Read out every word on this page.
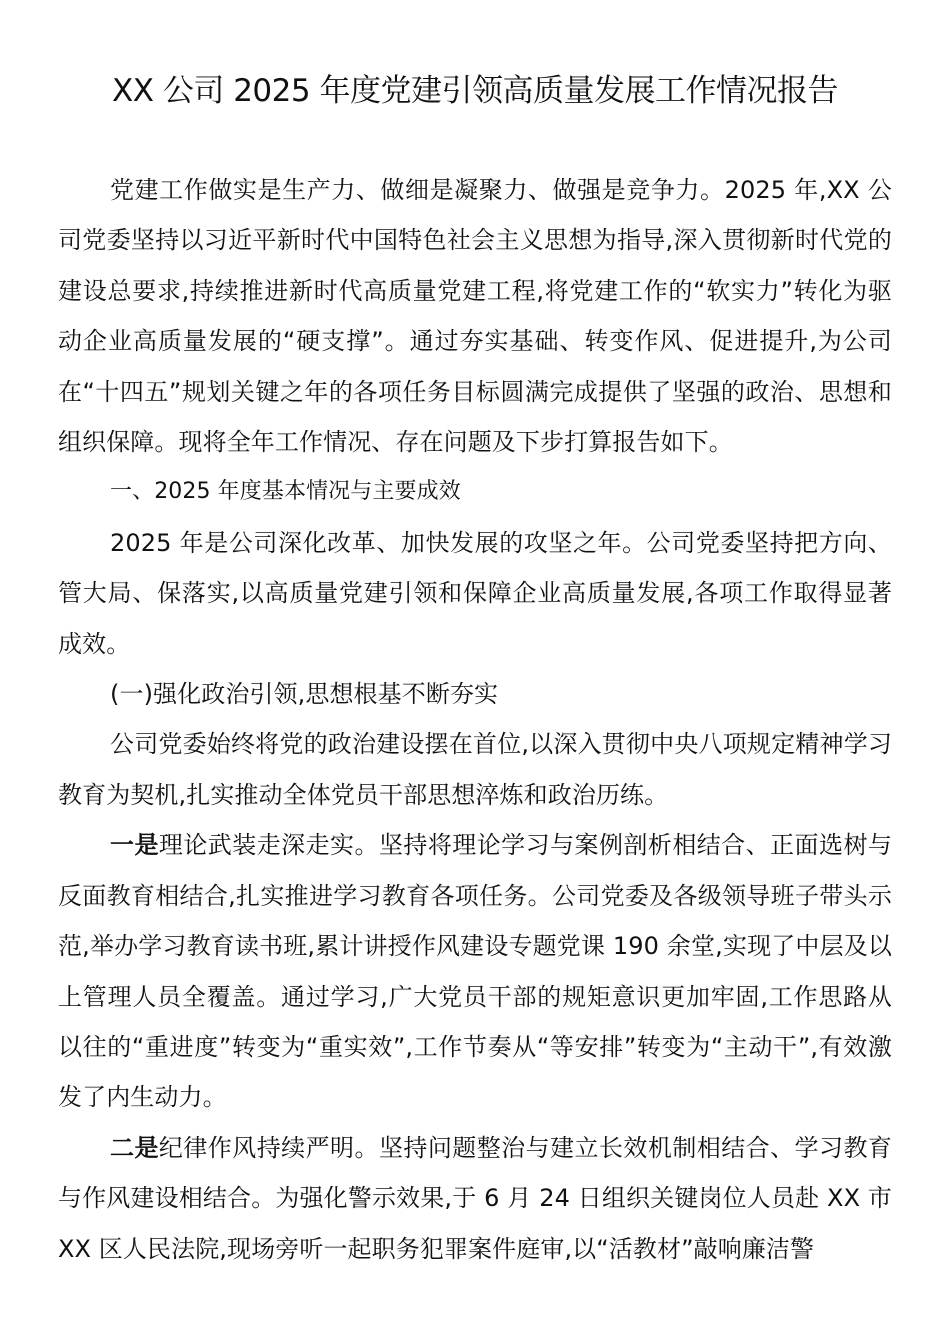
XX 公司 2025 年度党建引领高质量发展工作情况报告

党建工作做实是生产力、做细是凝聚力、做强是竞争力。2025 年,XX 公司党委坚持以习近平新时代中国特色社会主义思想为指导,深入贯彻新时代党的建设总要求,持续推进新时代高质量党建工程,将党建工作的“软实力”转化为驱动企业高质量发展的“硬支撑”。通过夯实基础、转变作风、促进提升,为公司在“十四五”规划关键之年的各项任务目标圆满完成提供了坚强的政治、思想和组织保障。现将全年工作情况、存在问题及下步打算报告如下。

一、2025 年度基本情况与主要成效

2025 年是公司深化改革、加快发展的攻坚之年。公司党委坚持把方向、管大局、保落实,以高质量党建引领和保障企业高质量发展,各项工作取得显著成效。

(一)强化政治引领,思想根基不断夯实

公司党委始终将党的政治建设摆在首位,以深入贯彻中央八项规定精神学习教育为契机,扎实推动全体党员干部思想淬炼和政治历练。

一是理论武装走深走实。坚持将理论学习与案例剖析相结合、正面选树与反面教育相结合,扎实推进学习教育各项任务。公司党委及各级领导班子带头示范,举办学习教育读书班,累计讲授作风建设专题党课 190 余堂,实现了中层及以上管理人员全覆盖。通过学习,广大党员干部的规矩意识更加牢固,工作思路从以往的“重进度”转变为“重实效”,工作节奏从“等安排”转变为“主动干”,有效激发了内生动力。

二是纪律作风持续严明。坚持问题整治与建立长效机制相结合、学习教育与作风建设相结合。为强化警示效果,于 6 月 24 日组织关键岗位人员赴 XX 市 XX 区人民法院,现场旁听一起职务犯罪案件庭审,以“活教材”敲响廉洁警
